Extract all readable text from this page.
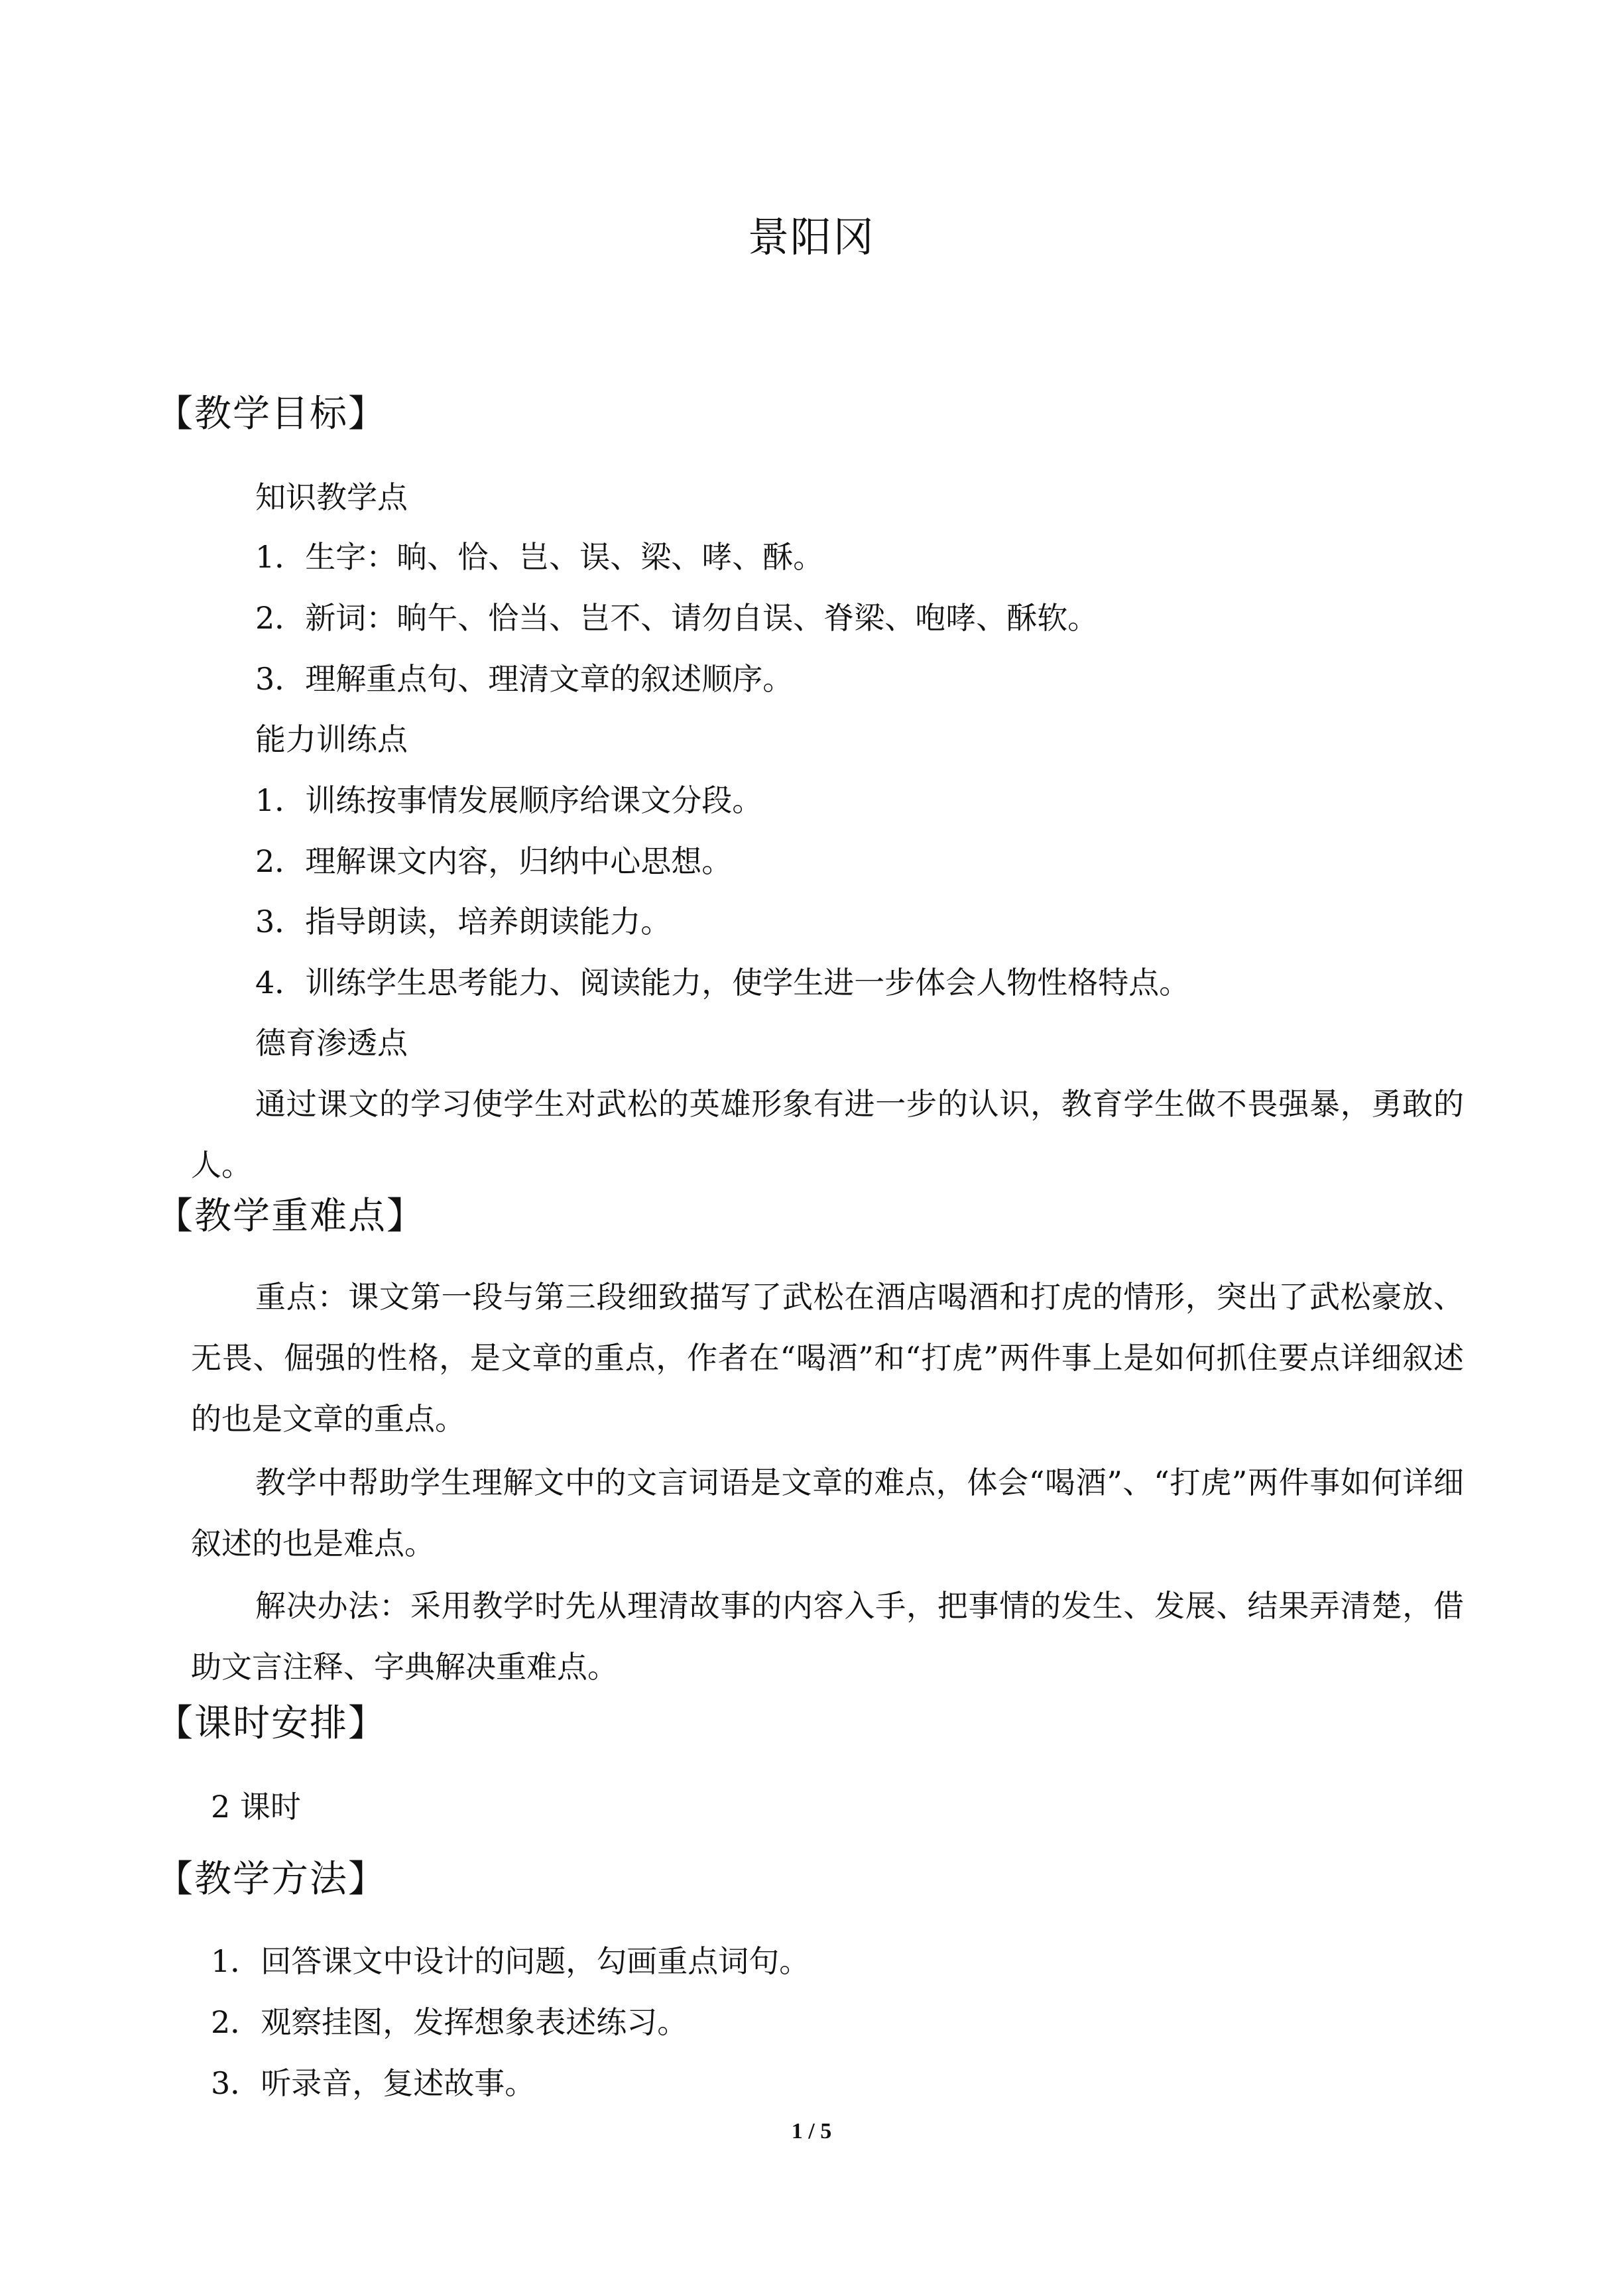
景阳冈
【教学目标】
知识教学点
1．生字：晌、恰、岂、误、梁、哮、酥。
2．新词：晌午、恰当、岂不、请勿自误、脊梁、咆哮、酥软。
3．理解重点句、理清文章的叙述顺序。
能力训练点
1．训练按事情发展顺序给课文分段。
2．理解课文内容，归纳中心思想。
3．指导朗读，培养朗读能力。
4．训练学生思考能力、阅读能力，使学生进一步体会人物性格特点。
德育渗透点
通过课文的学习使学生对武松的英雄形象有进一步的认识，教育学生做不畏强暴，勇敢的人。
【教学重难点】
重点：课文第一段与第三段细致描写了武松在酒店喝酒和打虎的情形，突出了武松豪放、无畏、倔强的性格，是文章的重点，作者在“喝酒”和“打虎”两件事上是如何抓住要点详细叙述的也是文章的重点。
教学中帮助学生理解文中的文言词语是文章的难点，体会“喝酒”、“打虎”两件事如何详细叙述的也是难点。
解决办法：采用教学时先从理清故事的内容入手，把事情的发生、发展、结果弄清楚，借助文言注释、字典解决重难点。
【课时安排】
2 课时
【教学方法】
1．回答课文中设计的问题，勾画重点词句。
2．观察挂图，发挥想象表述练习。
3．听录音，复述故事。
1 / 5
